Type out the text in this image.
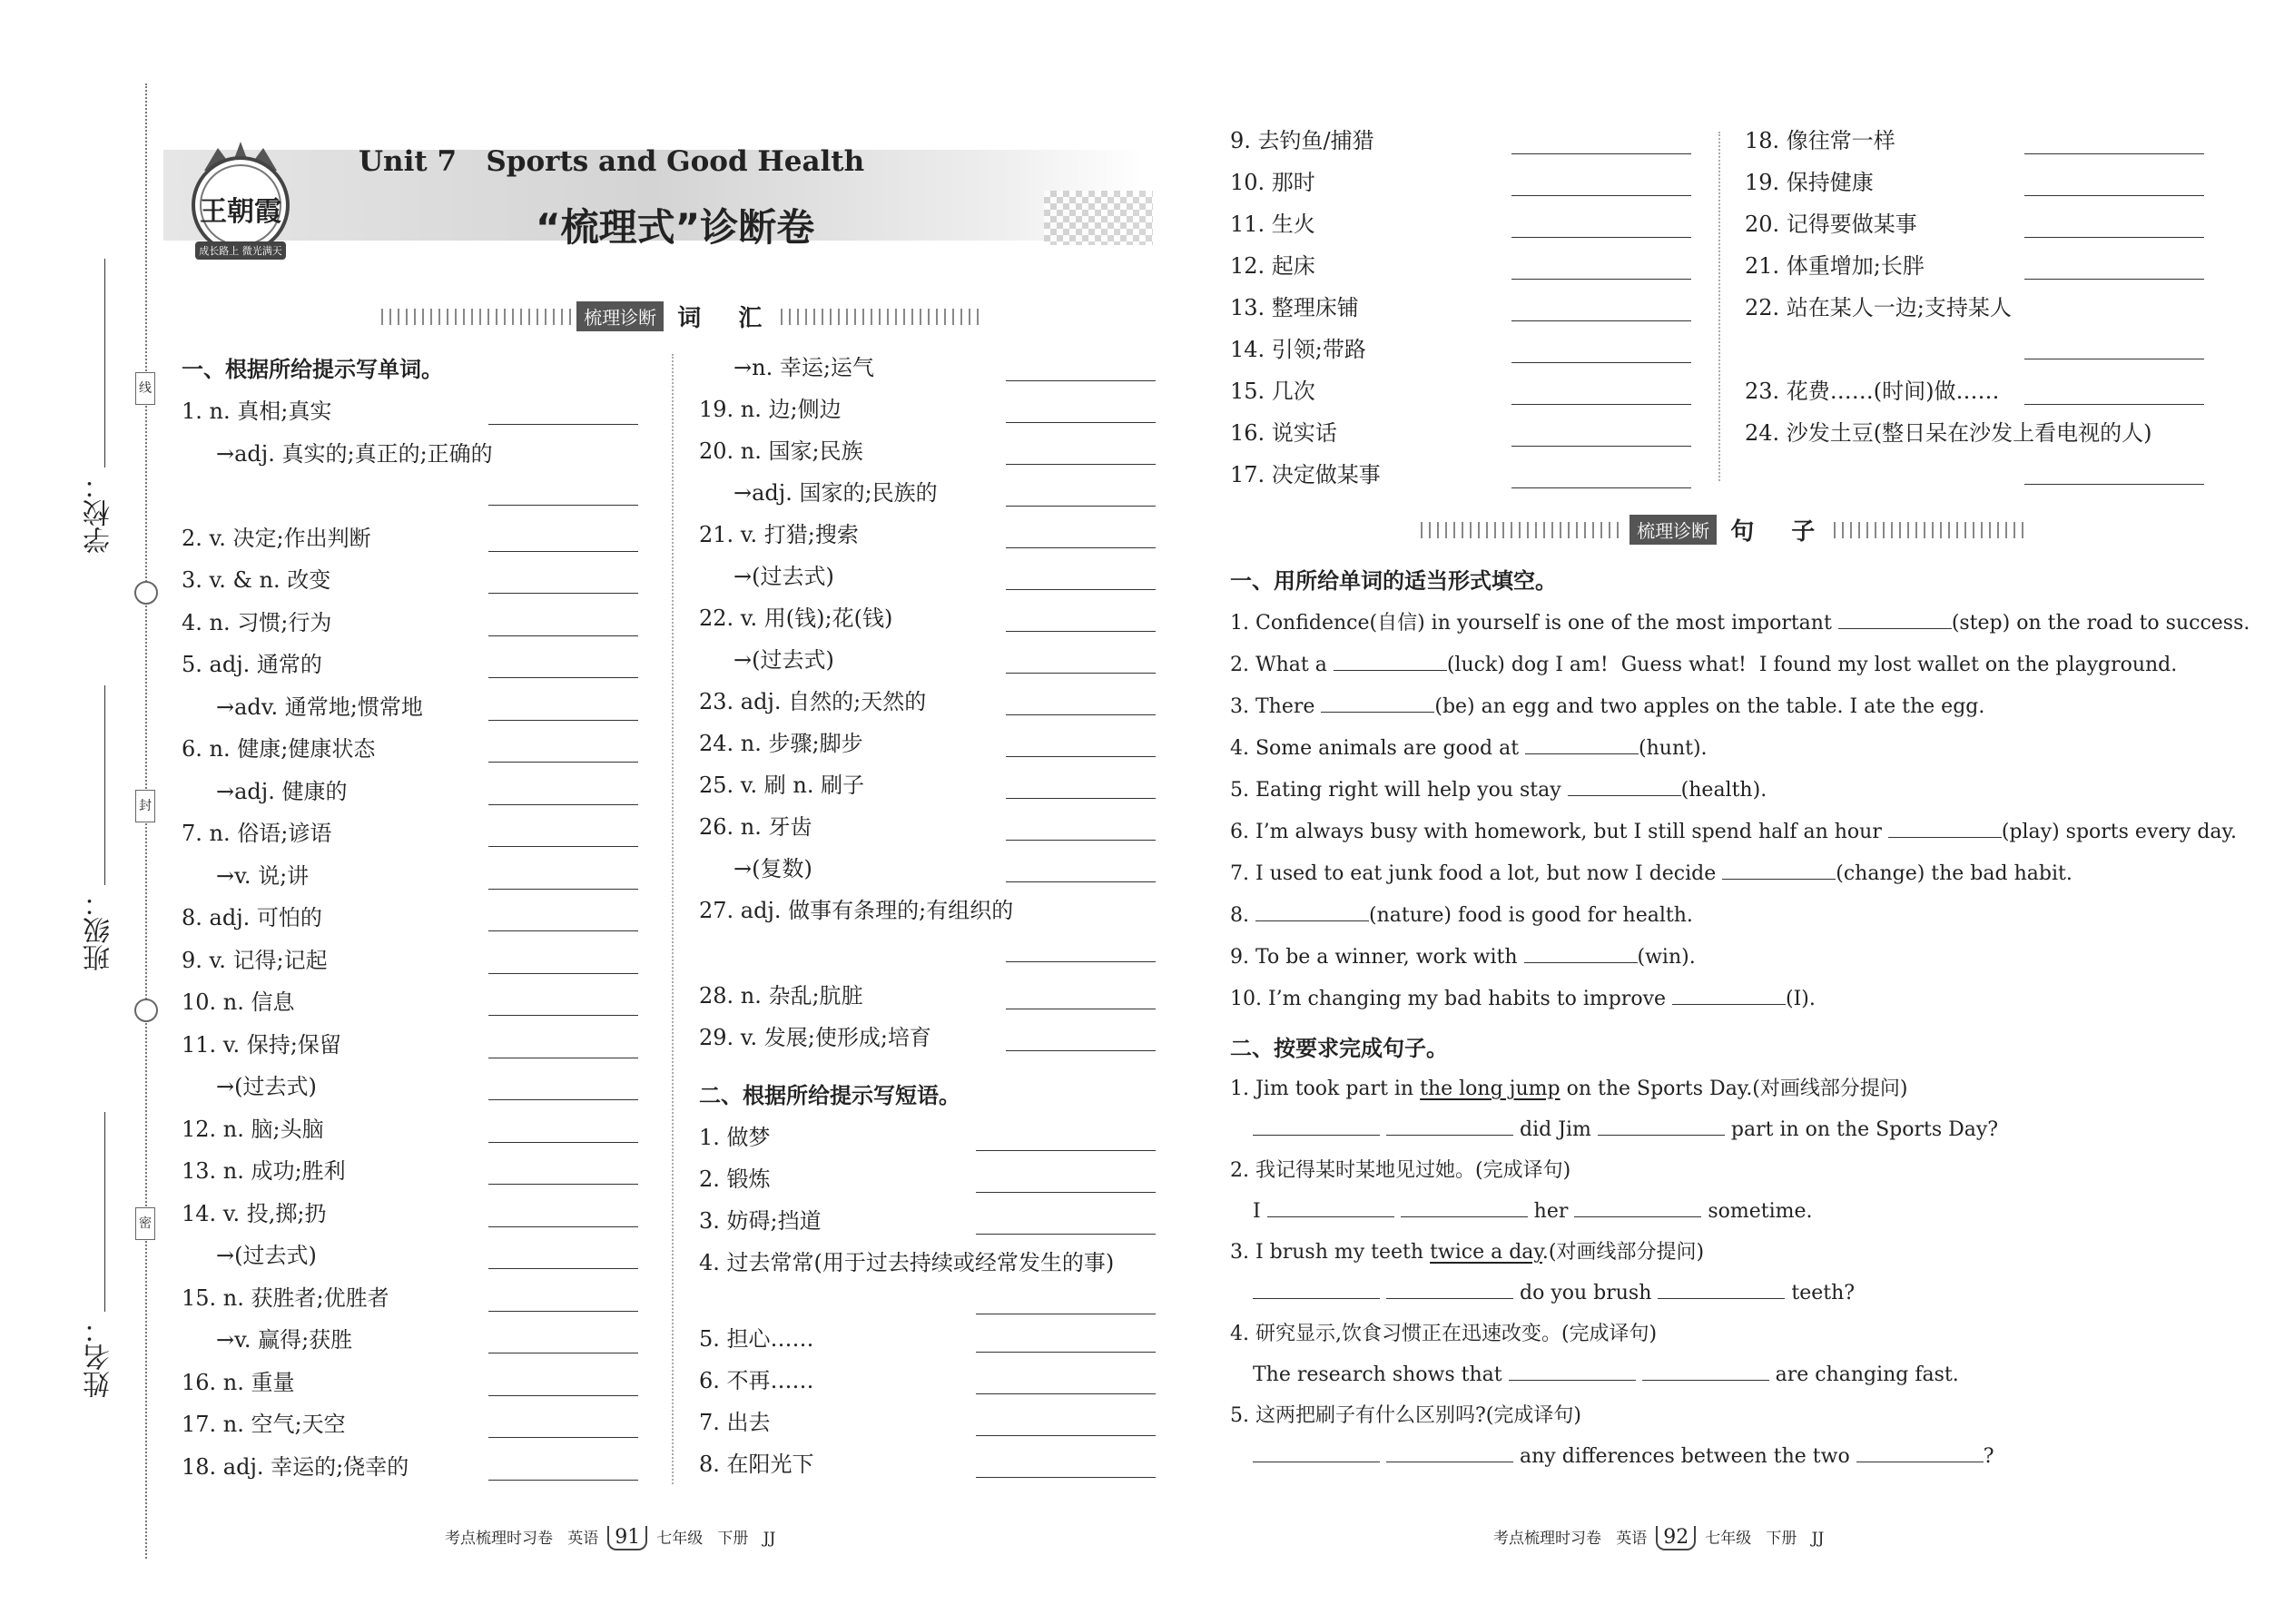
线
封
密
学校：
班级：
姓名：
王朝霞
成长路上 微光满天
Unit 7   Sports and Good Health
“梳理式”诊断卷
梳理诊断 词 汇
一、根据所给提示写单词。
1. n. 真相;真实
→adj. 真实的;真正的;正确的
2. v. 决定;作出判断
3. v. & n. 改变
4. n. 习惯;行为
5. adj. 通常的
→adv. 通常地;惯常地
6. n. 健康;健康状态
→adj. 健康的
7. n. 俗语;谚语
→v. 说;讲
8. adj. 可怕的
9. v. 记得;记起
10. n. 信息
11. v. 保持;保留
→(过去式)
12. n. 脑;头脑
13. n. 成功;胜利
14. v. 投,掷;扔
→(过去式)
15. n. 获胜者;优胜者
→v. 赢得;获胜
16. n. 重量
17. n. 空气;天空
18. adj. 幸运的;侥幸的
→n. 幸运;运气
19. n. 边;侧边
20. n. 国家;民族
→adj. 国家的;民族的
21. v. 打猎;搜索
→(过去式)
22. v. 用(钱);花(钱)
→(过去式)
23. adj. 自然的;天然的
24. n. 步骤;脚步
25. v. 刷 n. 刷子
26. n. 牙齿
→(复数)
27. adj. 做事有条理的;有组织的
28. n. 杂乱;肮脏
29. v. 发展;使形成;培育
二、根据所给提示写短语。
1. 做梦
2. 锻炼
3. 妨碍;挡道
4. 过去常常(用于过去持续或经常发生的事)
5. 担心……
6. 不再……
7. 出去
8. 在阳光下
9. 去钓鱼/捕猎
10. 那时
11. 生火
12. 起床
13. 整理床铺
14. 引领;带路
15. 几次
16. 说实话
17. 决定做某事
18. 像往常一样
19. 保持健康
20. 记得要做某事
21. 体重增加;长胖
22. 站在某人一边;支持某人
23. 花费……(时间)做……
24. 沙发土豆(整日呆在沙发上看电视的人)
梳理诊断 句 子
一、用所给单词的适当形式填空。
1. Confidence(自信) in yourself is one of the most important	(step) on the road to success.
2. What a	(luck) dog I am!  Guess what!  I found my lost wallet on the playground.
3. There	(be) an egg and two apples on the table. I ate the egg.
4. Some animals are good at	(hunt).
5. Eating right will help you stay	(health).
6. I’m always busy with homework, but I still spend half an hour	(play) sports every day.
7. I used to eat junk food a lot, but now I decide	(change) the bad habit.
8.	(nature) food is good for health.
9. To be a winner, work with	(win).
10. I’m changing my bad habits to improve	(I).
二、按要求完成句子。
1. Jim took part in the long jump on the Sports Day.(对画线部分提问)
did Jim	part in on the Sports Day?
2. 我记得某时某地见过她。(完成译句)
I	her	sometime.
3. I brush my teeth twice a day.(对画线部分提问)
do you brush	teeth?
4. 研究显示,饮食习惯正在迅速改变。(完成译句)
The research shows that	are changing fast.
5. 这两把刷子有什么区别吗?(完成译句)
any differences between the two	?
考点梳理时习卷   英语 91 七年级   下册   JJ	考点梳理时习卷   英语 92 七年级   下册   JJ
